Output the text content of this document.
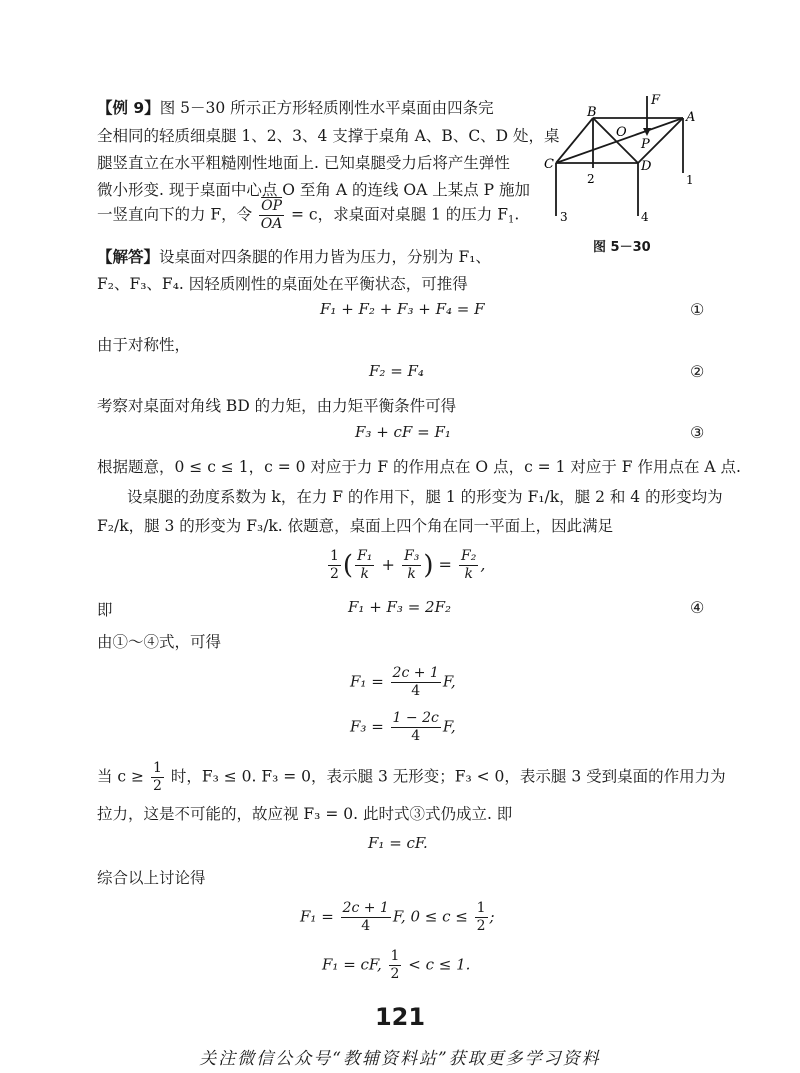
【例 9】图 5－30 所示正方形轻质刚性水平桌面由四条完
全相同的轻质细桌腿 1、2、3、4 支撑于桌角 A、B、C、D 处，桌
腿竖直立在水平粗糙刚性地面上. 已知桌腿受力后将产生弹性
微小形变. 现于桌面中心点 O 至角 A 的连线 OA 上某点 P 施加
一竖直向下的力 F，令 $\frac{\overline{OP}}{OA} = c$，求桌面对桌腿 1 的压力 $F_1$.
F
A
B
C	D
O
P
1
2
3	4
图 5－30
【解答】设桌面对四条腿的作用力皆为压力，分别为 F₁、
F₂、F₃、F₄. 因轻质刚性的桌面处在平衡状态，可推得
F₁ + F₂ + F₃ + F₄ = F	①
由于对称性，
F₂ = F₄	②
考察对桌面对角线 BD 的力矩，由力矩平衡条件可得
F₃ + cF = F₁	③
根据题意，0 ≤ c ≤ 1，c = 0 对应于力 F 的作用点在 O 点，c = 1 对应于 F 作用点在 A 点.
设桌腿的劲度系数为 k，在力 F 的作用下，腿 1 的形变为 F₁/k，腿 2 和 4 的形变均为
F₂/k，腿 3 的形变为 F₃/k. 依题意，桌面上四个角在同一平面上，因此满足
$\frac{1}{2}$ ( $\frac{\text{F₁}}{k} + \frac{\text{F₃}}{k}$ ) = $\frac{\text{F₂}}{k}$ ,
即	F₁ + F₃ = 2F₂	④
由①～④式，可得
$F_1 = \frac{2c + 1}{4} F$,
$F_3 = \frac{1 - 2c}{4} F$,
当 $c \ge \frac{1}{2}$ 时，F₃ ≤ 0. F₃ = 0，表示腿 3 无形变；F₃ < 0，表示腿 3 受到桌面的作用力为
拉力，这是不可能的，故应视 F₃ = 0. 此时式③式仍成立. 即
F₁ = cF.
综合以上讨论得
$F_1 = \frac{2c + 1}{4} F$, $0 \le c \le \frac{1}{2}$ ;
F₁ = cF, $\frac{1}{2} < c \le 1$.
121
关注微信公众号“教辅资料站”获取更多学习资料
